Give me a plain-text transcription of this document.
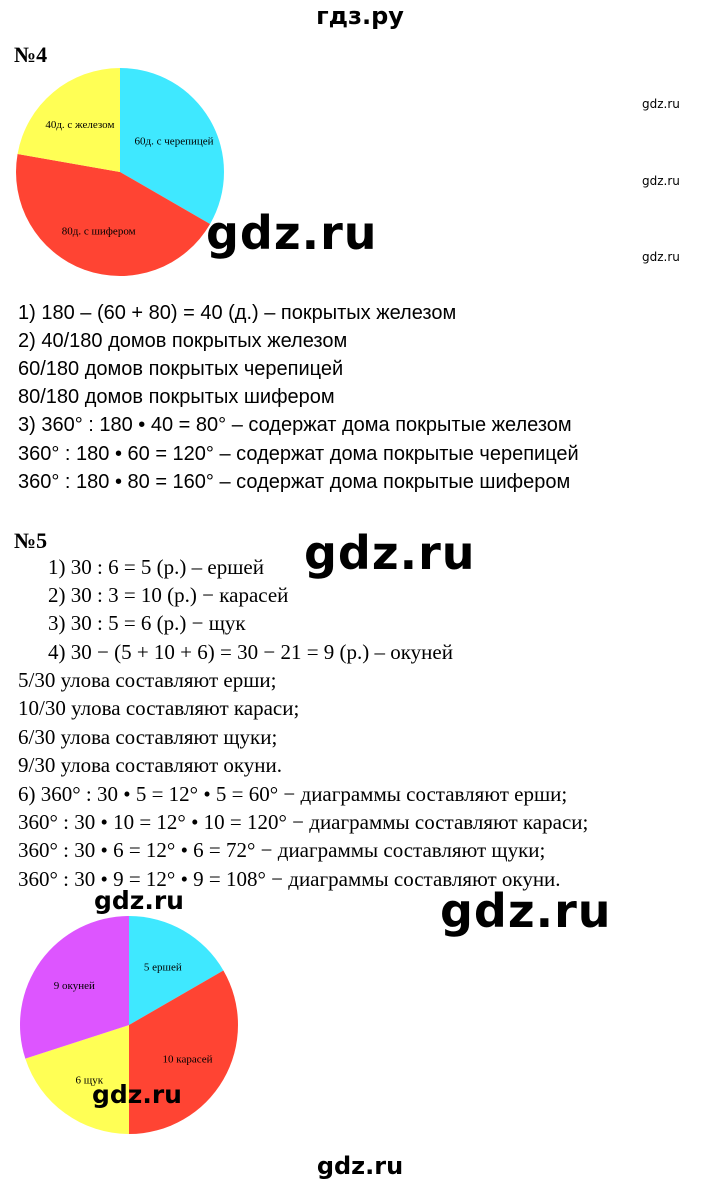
гдз.ру
№4
60д. с черепицей
80д. с шифером
40д. с железом
gdz.ru
gdz.ru
gdz.ru
gdz.ru
1) 180 – (60 + 80) = 40 (д.) – покрытых железом
2) 40/180 домов покрытых железом
60/180 домов покрытых черепицей
80/180 домов покрытых шифером
3) 360° : 180 • 40 = 80° – содержат дома покрытые железом
360° : 180 • 60 = 120° – содержат дома покрытые черепицей
360° : 180 • 80 = 160° – содержат дома покрытые шифером
№5	gdz.ru
1) 30 : 6 = 5 (р.) – ершей
2) 30 : 3 = 10 (р.) − карасей
3) 30 : 5 = 6 (р.) − щук
4) 30 − (5 + 10 + 6) = 30 − 21 = 9 (р.) – окуней
5/30 улова составляют ерши;
10/30 улова составляют караси;
6/30 улова составляют щуки;
9/30 улова составляют окуни.
6) 360° : 30 • 5 = 12° • 5 = 60° − диаграммы составляют ерши;
360° : 30 • 10 = 12° • 10 = 120° − диаграммы составляют караси;
360° : 30 • 6 = 12° • 6 = 72° − диаграммы составляют щуки;
360° : 30 • 9 = 12° • 9 = 108° − диаграммы составляют окуни.
gdz.ru	gdz.ru
5 ершей
10 карасей
6 щук
9 окуней
gdz.ru
gdz.ru
